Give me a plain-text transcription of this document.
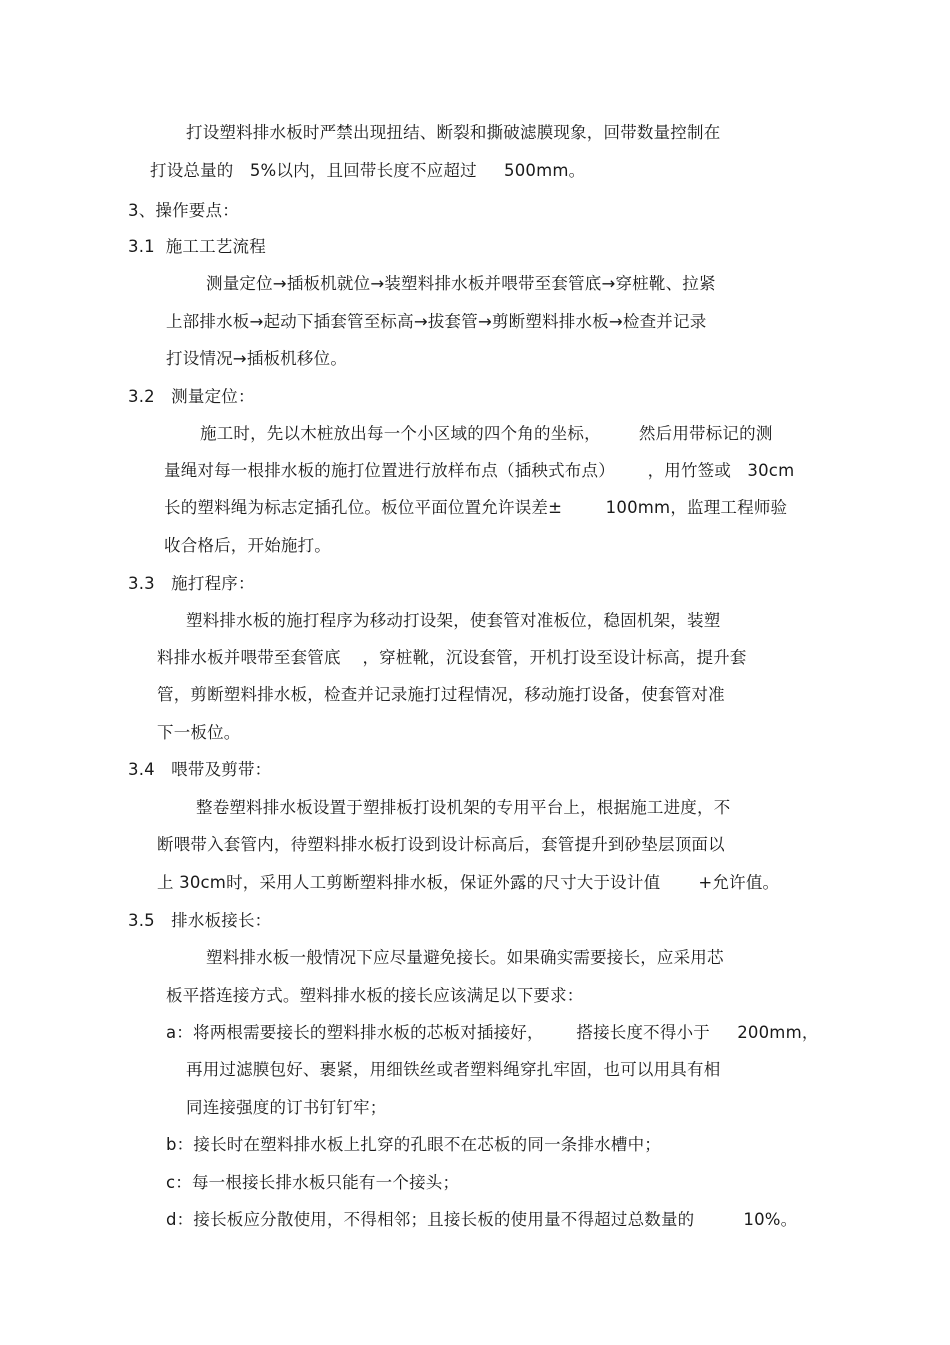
打设塑料排水板时严禁出现扭结、断裂和撕破滤膜现象，回带数量控制在
打设总量的   5%以内，且回带长度不应超过     500mm。
3、操作要点：
3.1  施工工艺流程
测量定位→插板机就位→装塑料排水板并喂带至套管底→穿桩靴、拉紧
上部排水板→起动下插套管至标高→拔套管→剪断塑料排水板→检查并记录
打设情况→插板机移位。
3.2   测量定位：
施工时，先以木桩放出每一个小区域的四个角的坐标，       然后用带标记的测
量绳对每一根排水板的施打位置进行放样布点（插秧式布点）      ，用竹签或   30cm
长的塑料绳为标志定插孔位。板位平面位置允许误差±        100mm，监理工程师验
收合格后，开始施打。
3.3   施打程序：
塑料排水板的施打程序为移动打设架，使套管对准板位，稳固机架，装塑
料排水板并喂带至套管底    ，穿桩靴，沉设套管，开机打设至设计标高，提升套
管，剪断塑料排水板，检查并记录施打过程情况，移动施打设备，使套管对准
下一板位。
3.4   喂带及剪带：
整卷塑料排水板设置于塑排板打设机架的专用平台上，根据施工进度，不
断喂带入套管内，待塑料排水板打设到设计标高后，套管提升到砂垫层顶面以
上 30cm时，采用人工剪断塑料排水板，保证外露的尺寸大于设计值       +允许值。
3.5   排水板接长：
塑料排水板一般情况下应尽量避免接长。如果确实需要接长，应采用芯
板平搭连接方式。塑料排水板的接长应该满足以下要求：
a：将两根需要接长的塑料排水板的芯板对插接好，      搭接长度不得小于     200mm，
再用过滤膜包好、裹紧，用细铁丝或者塑料绳穿扎牢固，也可以用具有相
同连接强度的订书钉钉牢；
b：接长时在塑料排水板上扎穿的孔眼不在芯板的同一条排水槽中；
c：每一根接长排水板只能有一个接头；
d：接长板应分散使用，不得相邻；且接长板的使用量不得超过总数量的         10%。
